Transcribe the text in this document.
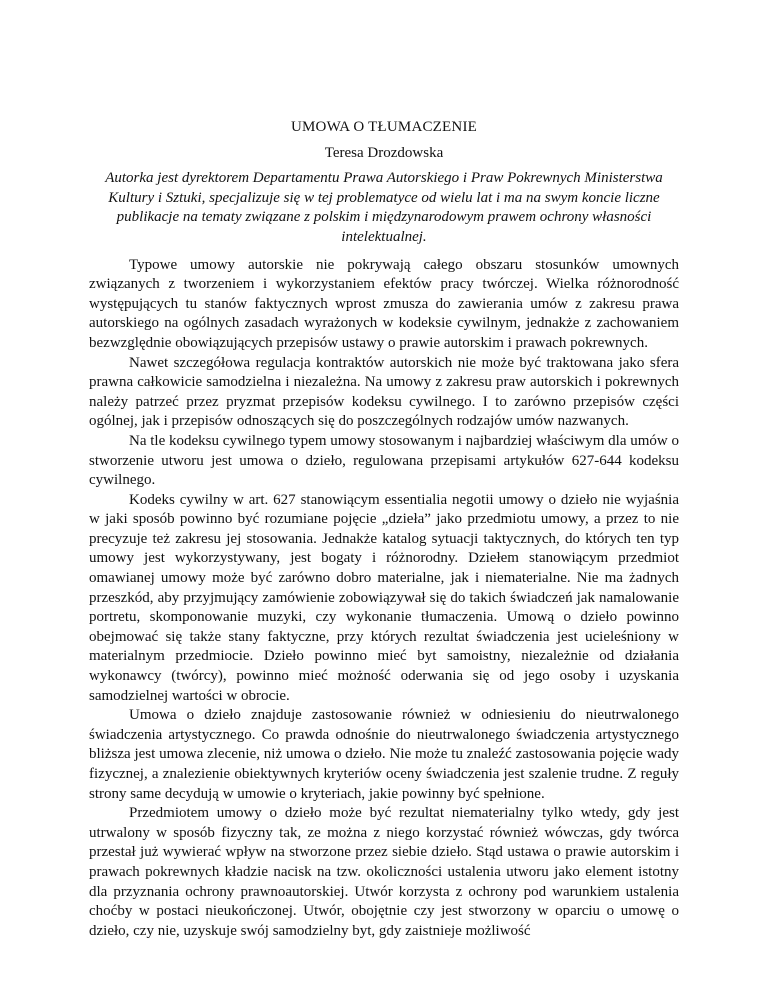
UMOWA O TŁUMACZENIE
Teresa Drozdowska
Autorka jest dyrektorem Departamentu Prawa Autorskiego i Praw Pokrewnych Ministerstwa Kultury i Sztuki, specjalizuje się w tej problematyce od wielu lat i ma na swym koncie liczne publikacje na tematy związane z polskim i międzynarodowym prawem ochrony własności intelektualnej.

Typowe umowy autorskie nie pokrywają całego obszaru stosunków umownych związanych z tworzeniem i wykorzystaniem efektów pracy twórczej. Wielka różnorodność występujących tu stanów faktycznych wprost zmusza do zawierania umów z zakresu prawa autorskiego na ogólnych zasadach wyrażonych w kodeksie cywilnym, jednakże z zachowaniem bezwzględnie obowiązujących przepisów ustawy o prawie autorskim i prawach pokrewnych.

Nawet szczegółowa regulacja kontraktów autorskich nie może być traktowana jako sfera prawna całkowicie samodzielna i niezależna. Na umowy z zakresu praw autorskich i pokrewnych należy patrzeć przez pryzmat przepisów kodeksu cywilnego. I to zarówno przepisów części ogólnej, jak i przepisów odnoszących się do poszczególnych rodzajów umów nazwanych.

Na tle kodeksu cywilnego typem umowy stosowanym i najbardziej właściwym dla umów o stworzenie utworu jest umowa o dzieło, regulowana przepisami artykułów 627-644 kodeksu cywilnego.

Kodeks cywilny w art. 627 stanowiącym essentialia negotii umowy o dzieło nie wyjaśnia w jaki sposób powinno być rozumiane pojęcie „dzieła” jako przedmiotu umowy, a przez to nie precyzuje też zakresu jej stosowania. Jednakże katalog sytuacji taktycznych, do których ten typ umowy jest wykorzystywany, jest bogaty i różnorodny. Dziełem stanowiącym przedmiot omawianej umowy może być zarówno dobro materialne, jak i niematerialne. Nie ma żadnych przeszkód, aby przyjmujący zamówienie zobowiązywał się do takich świadczeń jak namalowanie portretu, skomponowanie muzyki, czy wykonanie tłumaczenia. Umową o dzieło powinno obejmować się także stany faktyczne, przy których rezultat świadczenia jest ucieleśniony w materialnym przedmiocie. Dzieło powinno mieć byt samoistny, niezależnie od działania wykonawcy (twórcy), powinno mieć możność oderwania się od jego osoby i uzyskania samodzielnej wartości w obrocie.

Umowa o dzieło znajduje zastosowanie również w odniesieniu do nieutrwalonego świadczenia artystycznego. Co prawda odnośnie do nieutrwalonego świadczenia artystycznego bliższa jest umowa zlecenie, niż umowa o dzieło. Nie może tu znaleźć zastosowania pojęcie wady fizycznej, a znalezienie obiektywnych kryteriów oceny świadczenia jest szalenie trudne. Z reguły strony same decydują w umowie o kryteriach, jakie powinny być spełnione.

Przedmiotem umowy o dzieło może być rezultat niematerialny tylko wtedy, gdy jest utrwalony w sposób fizyczny tak, ze można z niego korzystać również wówczas, gdy twórca przestał już wywierać wpływ na stworzone przez siebie dzieło. Stąd ustawa o prawie autorskim i prawach pokrewnych kładzie nacisk na tzw. okoliczności ustalenia utworu jako element istotny dla przyznania ochrony prawnoautorskiej. Utwór korzysta z ochrony pod warunkiem ustalenia choćby w postaci nieukończonej. Utwór, obojętnie czy jest stworzony w oparciu o umowę o dzieło, czy nie, uzyskuje swój samodzielny byt, gdy zaistnieje możliwość
